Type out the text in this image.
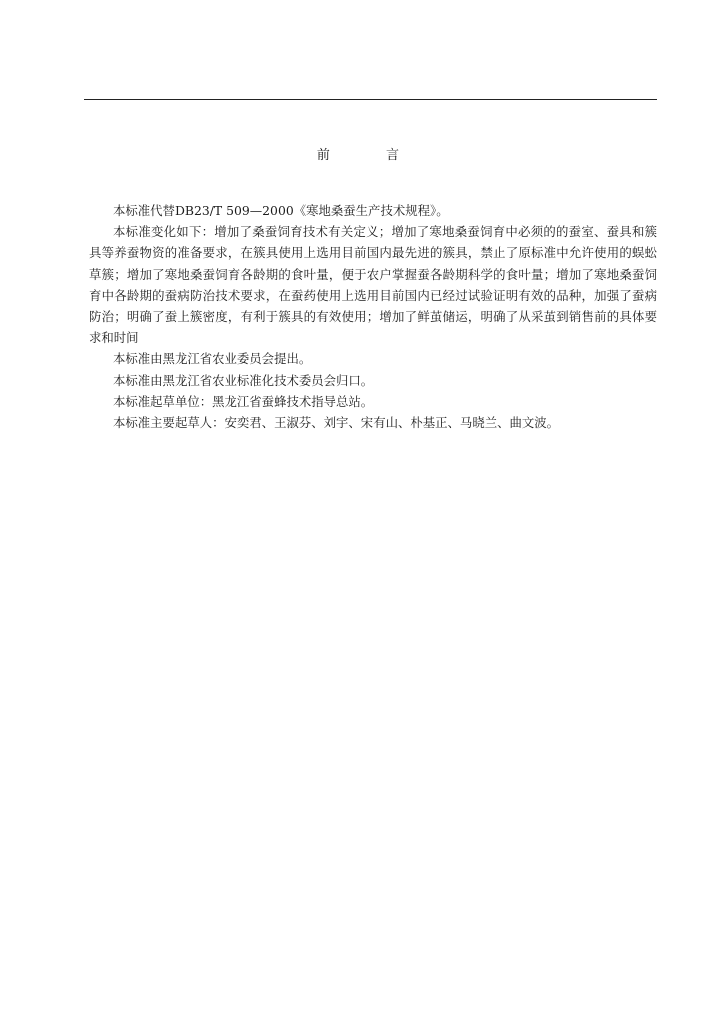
前 言

本标准代替DB23/T 509—2000《寒地桑蚕生产技术规程》。

本标准变化如下：增加了桑蚕饲育技术有关定义；增加了寒地桑蚕饲育中必须的的蚕室、蚕具和簇具等养蚕物资的准备要求，在簇具使用上选用目前国内最先进的簇具，禁止了原标准中允许使用的蜈蚣草簇；增加了寒地桑蚕饲育各龄期的食叶量，便于农户掌握蚕各龄期科学的食叶量；增加了寒地桑蚕饲育中各龄期的蚕病防治技术要求，在蚕药使用上选用目前国内已经过试验证明有效的品种，加强了蚕病防治；明确了蚕上簇密度，有利于簇具的有效使用；增加了鲜茧储运，明确了从采茧到销售前的具体要求和时间

本标准由黑龙江省农业委员会提出。

本标准由黑龙江省农业标准化技术委员会归口。

本标准起草单位：黑龙江省蚕蜂技术指导总站。

本标准主要起草人：安奕君、王淑芬、刘宇、宋有山、朴基正、马晓兰、曲文波。
